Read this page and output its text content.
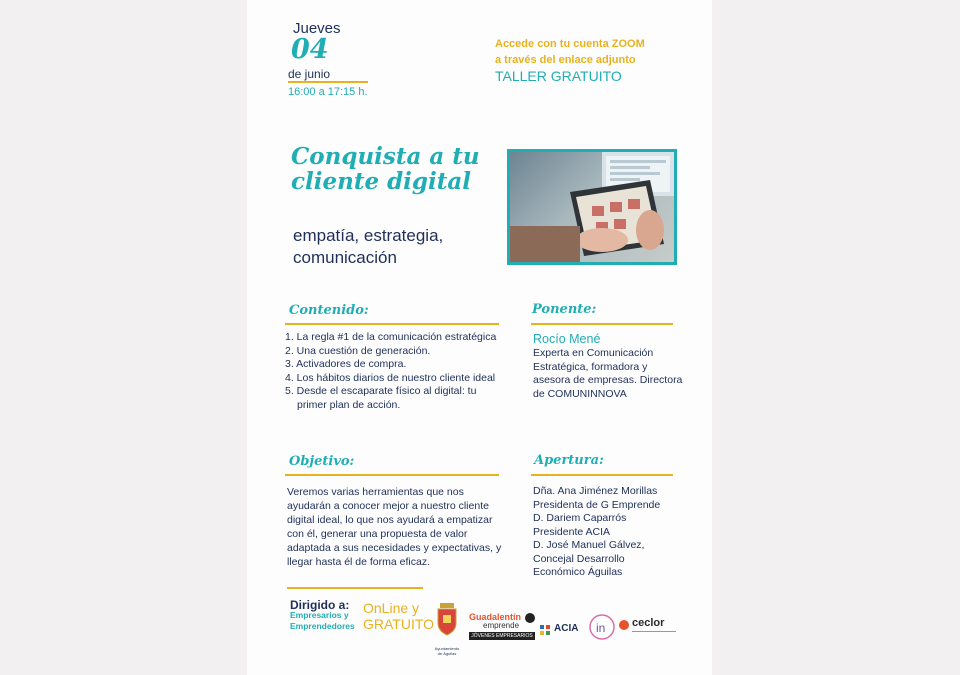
Jueves
04
de junio
16:00 a 17:15 h.
Accede con tu cuenta ZOOM
a través del enlace adjunto
TALLER GRATUITO
Conquista a tu cliente digital
empatía, estrategia, comunicación
Contenido:
1. La regla #1 de la comunicación estratégica
2. Una cuestión de generación.
3. Activadores de compra.
4. Los hábitos diarios de nuestro cliente ideal
5. Desde el escaparate físico al digital: tu primer plan de acción.
Ponente:
Rocío Mené
Experta en Comunicación Estratégica, formadora y asesora de empresas. Directora de COMUNINNOVA
Objetivo:
Veremos varias herramientas que nos ayudarán a conocer mejor a nuestro cliente digital ideal, lo que nos ayudará a empatizar con él, generar una propuesta de valor adaptada a sus necesidades y expectativas, y llegar hasta él de forma eficaz.
Apertura:
Dña. Ana Jiménez Morillas
Presidenta de G Emprende
D. Dariem Caparrós
Presidente ACIA
D. José Manuel Gálvez,
Concejal Desarrollo
Económico Águilas
Dirigido a:
Empresarios y
Emprendedores
OnLine y
GRATUITO
Ayuntamiento de Águilas
Guadalentín
emprende
JÓVENES EMPRESARIOS
ACIA in ceclor
